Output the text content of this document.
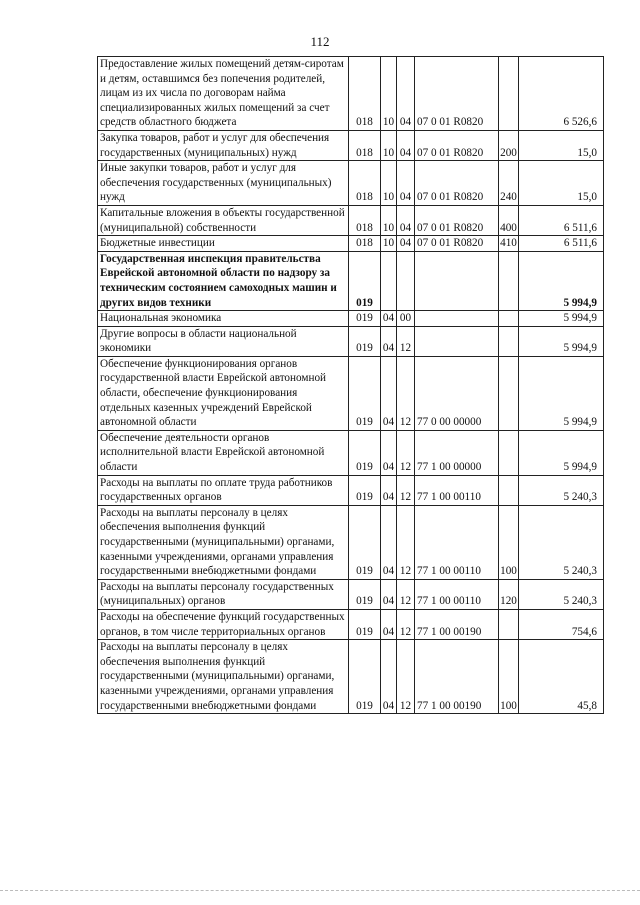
112
Предоставление жилых помещений детям-сиротам и детям, оставшимся без попечения родителей, лицам из их числа по договорам найма специализированных жилых помещений за счет средств областного бюджета	018	10	04	07 0 01 R0820		6 526,6

Закупка товаров, работ и услуг для обеспечения государственных (муниципальных) нужд	018	10	04	07 0 01 R0820	200	15,0

Иные закупки товаров, работ и услуг для обеспечения государственных (муниципальных) нужд	018	10	04	07 0 01 R0820	240	15,0

Капитальные вложения в объекты государственной (муниципальной) собственности	018	10	04	07 0 01 R0820	400	6 511,6

Бюджетные инвестиции	018	10	04	07 0 01 R0820	410	6 511,6

Государственная инспекция правительства Еврейской автономной области по надзору за техническим состоянием самоходных машин и других видов техники	019					5 994,9

Национальная экономика	019	04	00			5 994,9

Другие вопросы в области национальной экономики	019	04	12			5 994,9

Обеспечение функционирования органов государственной власти Еврейской автономной области, обеспечение функционирования отдельных казенных учреждений Еврейской автономной области	019	04	12	77 0 00 00000		5 994,9

Обеспечение деятельности органов исполнительной власти Еврейской автономной области	019	04	12	77 1 00 00000		5 994,9

Расходы на выплаты по оплате труда работников государственных органов	019	04	12	77 1 00 00110		5 240,3

Расходы на выплаты персоналу в целях обеспечения выполнения функций государственными (муниципальными) органами, казенными учреждениями, органами управления государственными внебюджетными фондами	019	04	12	77 1 00 00110	100	5 240,3

Расходы на выплаты персоналу государственных (муниципальных) органов	019	04	12	77 1 00 00110	120	5 240,3

Расходы на обеспечение функций государственных органов, в том числе территориальных органов	019	04	12	77 1 00 00190		754,6

Расходы на выплаты персоналу в целях обеспечения выполнения функций государственными (муниципальными) органами, казенными учреждениями, органами управления государственными внебюджетными фондами	019	04	12	77 1 00 00190	100	45,8
